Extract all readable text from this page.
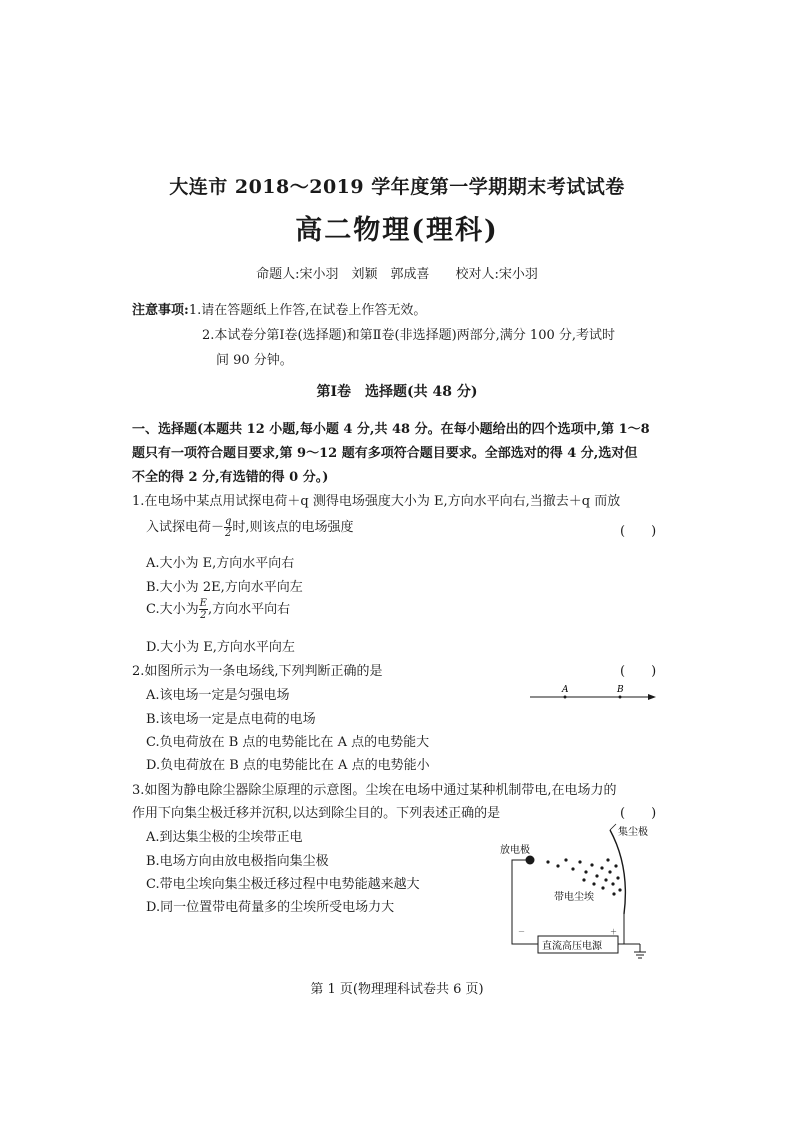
大连市 2018～2019 学年度第一学期期末考试试卷
高二物理(理科)
命题人:宋小羽　刘颖　郭成喜　　校对人:宋小羽
注意事项:1.请在答题纸上作答,在试卷上作答无效。
2.本试卷分第Ⅰ卷(选择题)和第Ⅱ卷(非选择题)两部分,满分 100 分,考试时
间 90 分钟。
第Ⅰ卷　选择题(共 48 分)
一、选择题(本题共 12 小题,每小题 4 分,共 48 分。在每小题给出的四个选项中,第 1～8
题只有一项符合题目要求,第 9～12 题有多项符合题目要求。全部选对的得 4 分,选对但
不全的得 2 分,有选错的得 0 分。)
1.在电场中某点用试探电荷＋q 测得电场强度大小为 E,方向水平向右,当撤去＋q 而放
入试探电荷－ $\frac{q}{2}$ 时,则该点的电场强度	(　　)
A.大小为 E,方向水平向右
B.大小为 2E,方向水平向左
C.大小为 $\frac{E}{2}$ ,方向水平向右
D.大小为 E,方向水平向左
2.如图所示为一条电场线,下列判断正确的是	(　　)
A.该电场一定是匀强电场
B.该电场一定是点电荷的电场
C.负电荷放在 B 点的电势能比在 A 点的电势能大
D.负电荷放在 B 点的电势能比在 A 点的电势能小
A	B
3.如图为静电除尘器除尘原理的示意图。尘埃在电场中通过某种机制带电,在电场力的
作用下向集尘极迁移并沉积,以达到除尘目的。下列表述正确的是	(　　)
A.到达集尘极的尘埃带正电
B.电场方向由放电极指向集尘极
C.带电尘埃向集尘极迁移过程中电势能越来越大
D.同一位置带电荷量多的尘埃所受电场力大
集尘极
放电极
带电尘埃
直流高压电源
－	＋
第 1 页(物理理科试卷共 6 页)
